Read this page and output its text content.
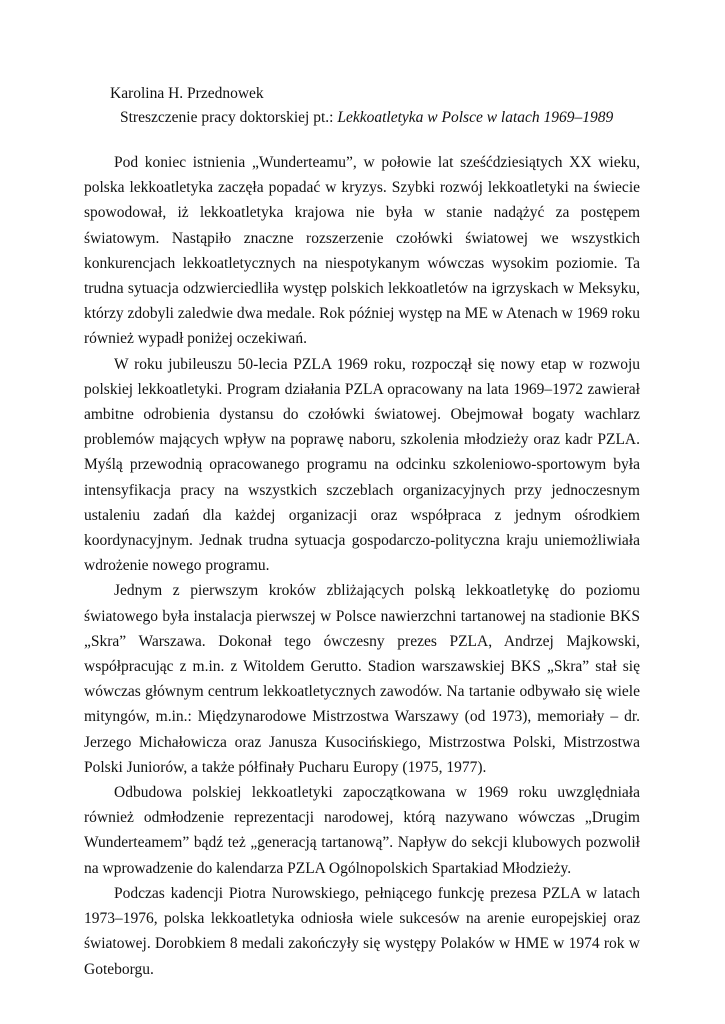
Karolina H. Przednowek
Streszczenie pracy doktorskiej pt.: Lekkoatletyka w Polsce w latach 1969–1989

Pod koniec istnienia „Wunderteamu”, w połowie lat sześćdziesiątych XX wieku, polska lekkoatletyka zaczęła popadać w kryzys. Szybki rozwój lekkoatletyki na świecie spowodował, iż lekkoatletyka krajowa nie była w stanie nadążyć za postępem światowym. Nastąpiło znaczne rozszerzenie czołówki światowej we wszystkich konkurencjach lekkoatletycznych na niespotykanym wówczas wysokim poziomie. Ta trudna sytuacja odzwierciedliła występ polskich lekkoatletów na igrzyskach w Meksyku, którzy zdobyli zaledwie dwa medale. Rok później występ na ME w Atenach w 1969 roku również wypadł poniżej oczekiwań.

W roku jubileuszu 50-lecia PZLA 1969 roku, rozpoczął się nowy etap w rozwoju polskiej lekkoatletyki. Program działania PZLA opracowany na lata 1969–1972 zawierał ambitne odrobienia dystansu do czołówki światowej. Obejmował bogaty wachlarz problemów mających wpływ na poprawę naboru, szkolenia młodzieży oraz kadr PZLA. Myślą przewodnią opracowanego programu na odcinku szkoleniowo-sportowym była intensyfikacja pracy na wszystkich szczeblach organizacyjnych przy jednoczesnym ustaleniu zadań dla każdej organizacji oraz współpraca z jednym ośrodkiem koordynacyjnym. Jednak trudna sytuacja gospodarczo-polityczna kraju uniemożliwiała wdrożenie nowego programu.

Jednym z pierwszym kroków zbliżających polską lekkoatletykę do poziomu światowego była instalacja pierwszej w Polsce nawierzchni tartanowej na stadionie BKS „Skra” Warszawa. Dokonał tego ówczesny prezes PZLA, Andrzej Majkowski, współpracując z m.in. z Witoldem Gerutto. Stadion warszawskiej BKS „Skra” stał się wówczas głównym centrum lekkoatletycznych zawodów. Na tartanie odbywało się wiele mityngów, m.in.: Międzynarodowe Mistrzostwa Warszawy (od 1973), memoriały – dr. Jerzego Michałowicza oraz Janusza Kusocińskiego, Mistrzostwa Polski, Mistrzostwa Polski Juniorów, a także półfinały Pucharu Europy (1975, 1977).

Odbudowa polskiej lekkoatletyki zapoczątkowana w 1969 roku uwzględniała również odmłodzenie reprezentacji narodowej, którą nazywano wówczas „Drugim Wunderteamem” bądź też „generacją tartanową”. Napływ do sekcji klubowych pozwolił na wprowadzenie do kalendarza PZLA Ogólnopolskich Spartakiad Młodzieży.

Podczas kadencji Piotra Nurowskiego, pełniącego funkcję prezesa PZLA w latach 1973–1976, polska lekkoatletyka odniosła wiele sukcesów na arenie europejskiej oraz światowej. Dorobkiem 8 medali zakończyły się występy Polaków w HME w 1974 rok w Goteborgu.
